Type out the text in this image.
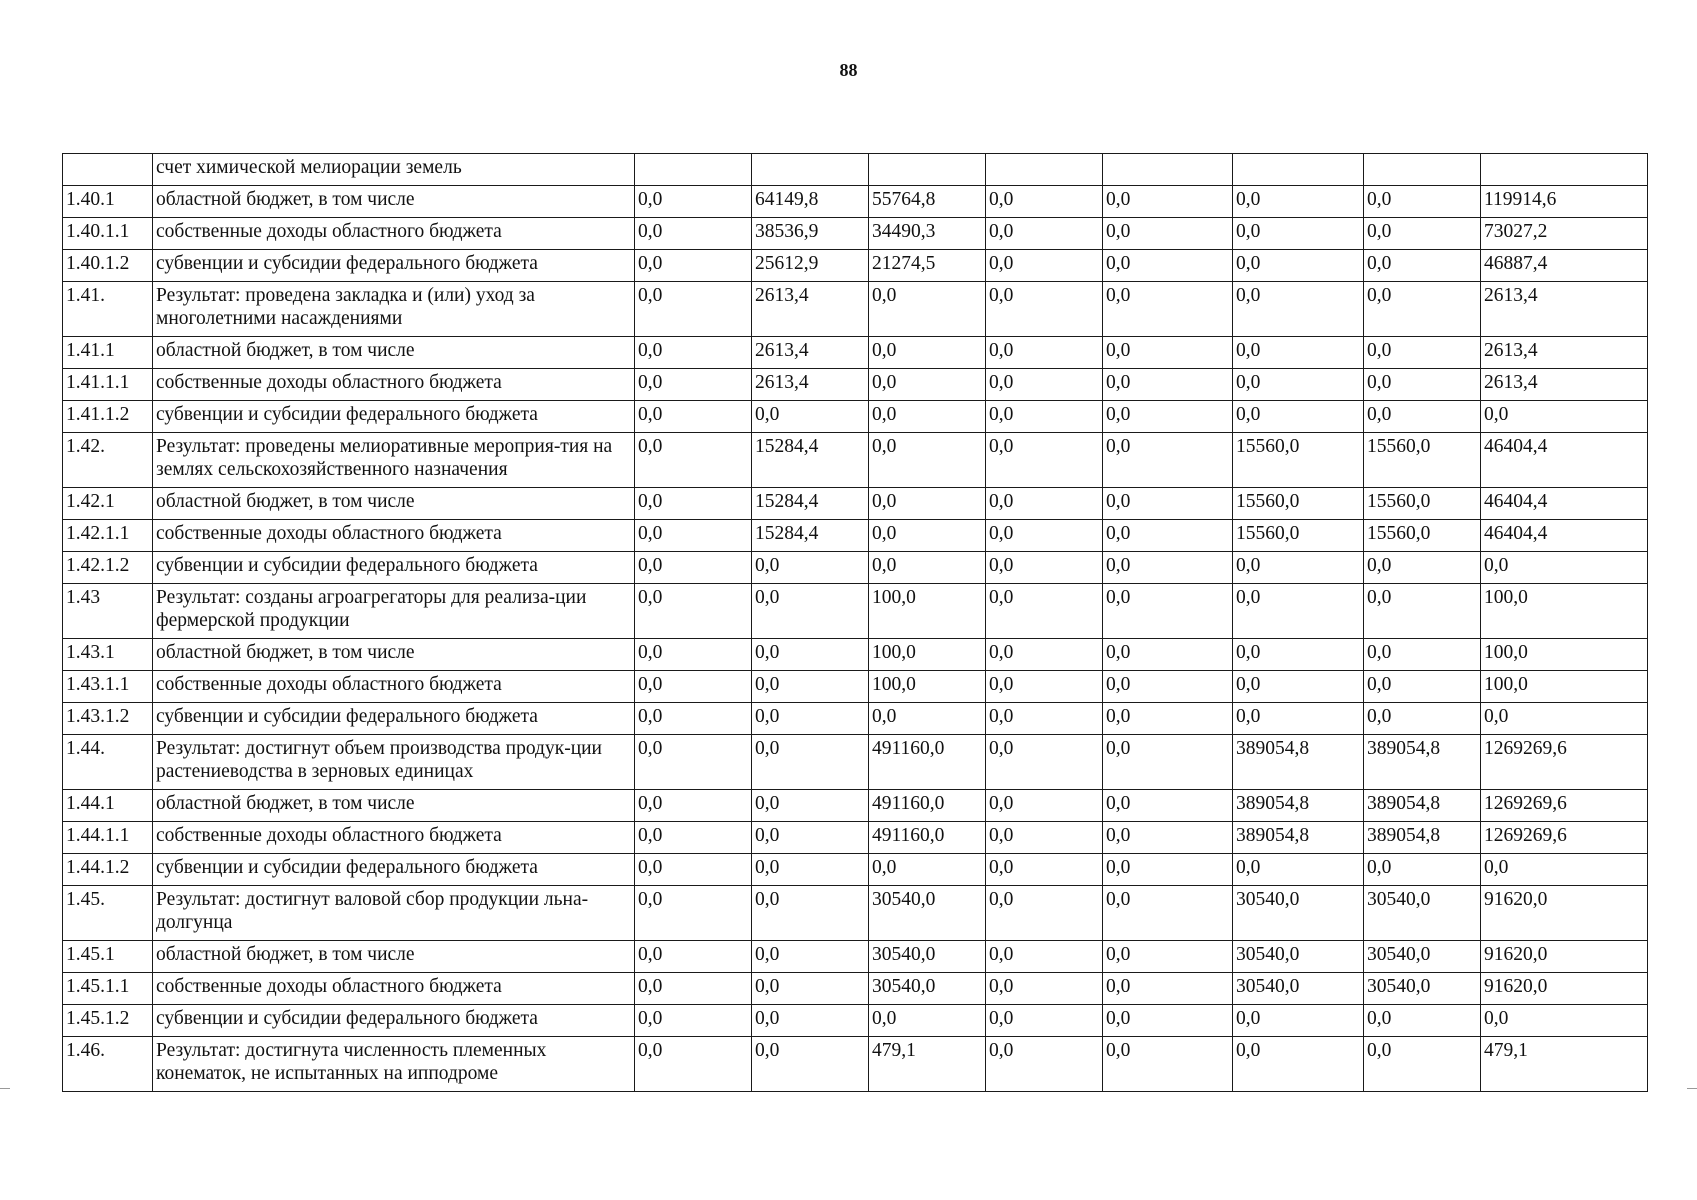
88
	счет химической мелиорации земель								
1.40.1	областной бюджет, в том числе	0,0	64149,8	55764,8	0,0	0,0	0,0	0,0	119914,6
1.40.1.1	собственные доходы областного бюджета	0,0	38536,9	34490,3	0,0	0,0	0,0	0,0	73027,2
1.40.1.2	субвенции и субсидии федерального бюджета	0,0	25612,9	21274,5	0,0	0,0	0,0	0,0	46887,4
1.41.	Результат: проведена закладка и (или) уход за многолетними насаждениями	0,0	2613,4	0,0	0,0	0,0	0,0	0,0	2613,4
1.41.1	областной бюджет, в том числе	0,0	2613,4	0,0	0,0	0,0	0,0	0,0	2613,4
1.41.1.1	собственные доходы областного бюджета	0,0	2613,4	0,0	0,0	0,0	0,0	0,0	2613,4
1.41.1.2	субвенции и субсидии федерального бюджета	0,0	0,0	0,0	0,0	0,0	0,0	0,0	0,0
1.42.	Результат: проведены мелиоративные мероприя-тия на землях сельскохозяйственного назначения	0,0	15284,4	0,0	0,0	0,0	15560,0	15560,0	46404,4
1.42.1	областной бюджет, в том числе	0,0	15284,4	0,0	0,0	0,0	15560,0	15560,0	46404,4
1.42.1.1	собственные доходы областного бюджета	0,0	15284,4	0,0	0,0	0,0	15560,0	15560,0	46404,4
1.42.1.2	субвенции и субсидии федерального бюджета	0,0	0,0	0,0	0,0	0,0	0,0	0,0	0,0
1.43	Результат: созданы агроагрегаторы для реализа-ции фермерской продукции	0,0	0,0	100,0	0,0	0,0	0,0	0,0	100,0
1.43.1	областной бюджет, в том числе	0,0	0,0	100,0	0,0	0,0	0,0	0,0	100,0
1.43.1.1	собственные доходы областного бюджета	0,0	0,0	100,0	0,0	0,0	0,0	0,0	100,0
1.43.1.2	субвенции и субсидии федерального бюджета	0,0	0,0	0,0	0,0	0,0	0,0	0,0	0,0
1.44.	Результат: достигнут объем производства продук-ции растениеводства в зерновых единицах	0,0	0,0	491160,0	0,0	0,0	389054,8	389054,8	1269269,6
1.44.1	областной бюджет, в том числе	0,0	0,0	491160,0	0,0	0,0	389054,8	389054,8	1269269,6
1.44.1.1	собственные доходы областного бюджета	0,0	0,0	491160,0	0,0	0,0	389054,8	389054,8	1269269,6
1.44.1.2	субвенции и субсидии федерального бюджета	0,0	0,0	0,0	0,0	0,0	0,0	0,0	0,0
1.45.	Результат: достигнут валовой сбор продукции льна-долгунца	0,0	0,0	30540,0	0,0	0,0	30540,0	30540,0	91620,0
1.45.1	областной бюджет, в том числе	0,0	0,0	30540,0	0,0	0,0	30540,0	30540,0	91620,0
1.45.1.1	собственные доходы областного бюджета	0,0	0,0	30540,0	0,0	0,0	30540,0	30540,0	91620,0
1.45.1.2	субвенции и субсидии федерального бюджета	0,0	0,0	0,0	0,0	0,0	0,0	0,0	0,0
1.46.	Результат: достигнута численность племенных конематок, не испытанных на ипподроме	0,0	0,0	479,1	0,0	0,0	0,0	0,0	479,1
